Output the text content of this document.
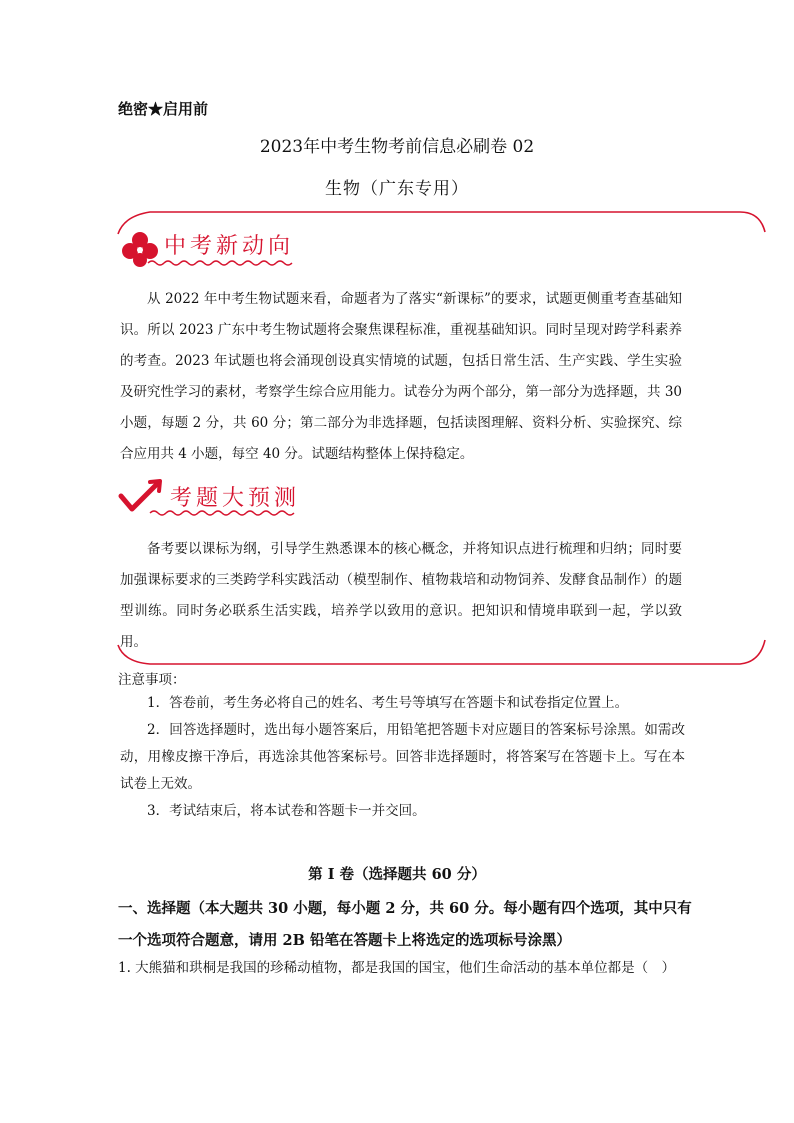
绝密★启用前
2023年中考生物考前信息必刷卷 02
生物（广东专用）
中考新动向
从 2022 年中考生物试题来看，命题者为了落实“新课标”的要求，试题更侧重考查基础知识。所以 2023 广东中考生物试题将会聚焦课程标准，重视基础知识。同时呈现对跨学科素养的考查。2023 年试题也将会涌现创设真实情境的试题，包括日常生活、生产实践、学生实验及研究性学习的素材，考察学生综合应用能力。试卷分为两个部分，第一部分为选择题，共 30 小题，每题 2 分，共 60 分；第二部分为非选择题，包括读图理解、资料分析、实验探究、综合应用共 4 小题，每空 40 分。试题结构整体上保持稳定。
考题大预测
备考要以课标为纲，引导学生熟悉课本的核心概念，并将知识点进行梳理和归纳；同时要加强课标要求的三类跨学科实践活动（模型制作、植物栽培和动物饲养、发酵食品制作）的题型训练。同时务必联系生活实践，培养学以致用的意识。把知识和情境串联到一起，学以致用。
注意事项：
1．答卷前，考生务必将自己的姓名、考生号等填写在答题卡和试卷指定位置上。
2．回答选择题时，选出每小题答案后，用铅笔把答题卡对应题目的答案标号涂黑。如需改动，用橡皮擦干净后，再选涂其他答案标号。回答非选择题时，将答案写在答题卡上。写在本试卷上无效。
3．考试结束后，将本试卷和答题卡一并交回。
第 I 卷（选择题共 60 分）
一、选择题（本大题共 30 小题，每小题 2 分，共 60 分。每小题有四个选项，其中只有一个选项符合题意，请用 2B 铅笔在答题卡上将选定的选项标号涂黑）
1. 大熊猫和珙桐是我国的珍稀动植物，都是我国的国宝，他们生命活动的基本单位都是（　）
